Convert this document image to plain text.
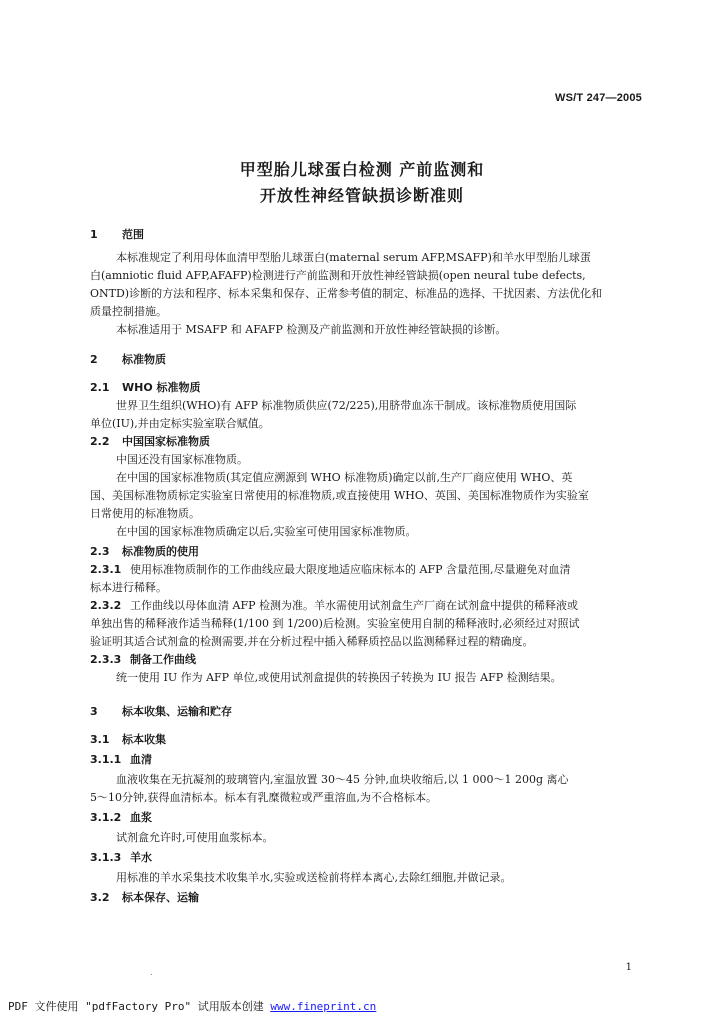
WS/T 247—2005
甲型胎儿球蛋白检测 产前监测和
开放性神经管缺损诊断准则
1 范围
本标准规定了利用母体血清甲型胎儿球蛋白(maternal serum AFP,MSAFP)和羊水甲型胎儿球蛋
白(amniotic fluid AFP,AFAFP)检测进行产前监测和开放性神经管缺损(open neural tube defects,
ONTD)诊断的方法和程序、标本采集和保存、正常参考值的制定、标准品的选择、干扰因素、方法优化和
质量控制措施。
本标准适用于 MSAFP 和 AFAFP 检测及产前监测和开放性神经管缺损的诊断。
2 标准物质
2.1 WHO 标准物质
世界卫生组织(WHO)有 AFP 标准物质供应(72/225),用脐带血冻干制成。该标准物质使用国际
单位(IU),并由定标实验室联合赋值。
2.2 中国国家标准物质
中国还没有国家标准物质。
在中国的国家标准物质(其定值应溯源到 WHO 标准物质)确定以前,生产厂商应使用 WHO、英
国、美国标准物质标定实验室日常使用的标准物质,或直接使用 WHO、英国、美国标准物质作为实验室
日常使用的标准物质。
在中国的国家标准物质确定以后,实验室可使用国家标准物质。
2.3 标准物质的使用
2.3.1 使用标准物质制作的工作曲线应最大限度地适应临床标本的 AFP 含量范围,尽量避免对血清
标本进行稀释。
2.3.2 工作曲线以母体血清 AFP 检测为准。羊水需使用试剂盒生产厂商在试剂盒中提供的稀释液或
单独出售的稀释液作适当稀释(1/100 到 1/200)后检测。实验室使用自制的稀释液时,必须经过对照试
验证明其适合试剂盒的检测需要,并在分析过程中插入稀释质控品以监测稀释过程的精确度。
2.3.3 制备工作曲线
统一使用 IU 作为 AFP 单位,或使用试剂盒提供的转换因子转换为 IU 报告 AFP 检测结果。
3 标本收集、运输和贮存
3.1 标本收集
3.1.1 血清
血液收集在无抗凝剂的玻璃管内,室温放置 30～45 分钟,血块收缩后,以 1 000～1 200g 离心
5～10分钟,获得血清标本。标本有乳糜微粒或严重溶血,为不合格标本。
3.1.2 血浆
试剂盒允许时,可使用血浆标本。
3.1.3 羊水
用标准的羊水采集技术收集羊水,实验或送检前将样本离心,去除红细胞,并做记录。
3.2 标本保存、运输
.	1
PDF 文件使用 "pdfFactory Pro" 试用版本创建 www.fineprint.cn
